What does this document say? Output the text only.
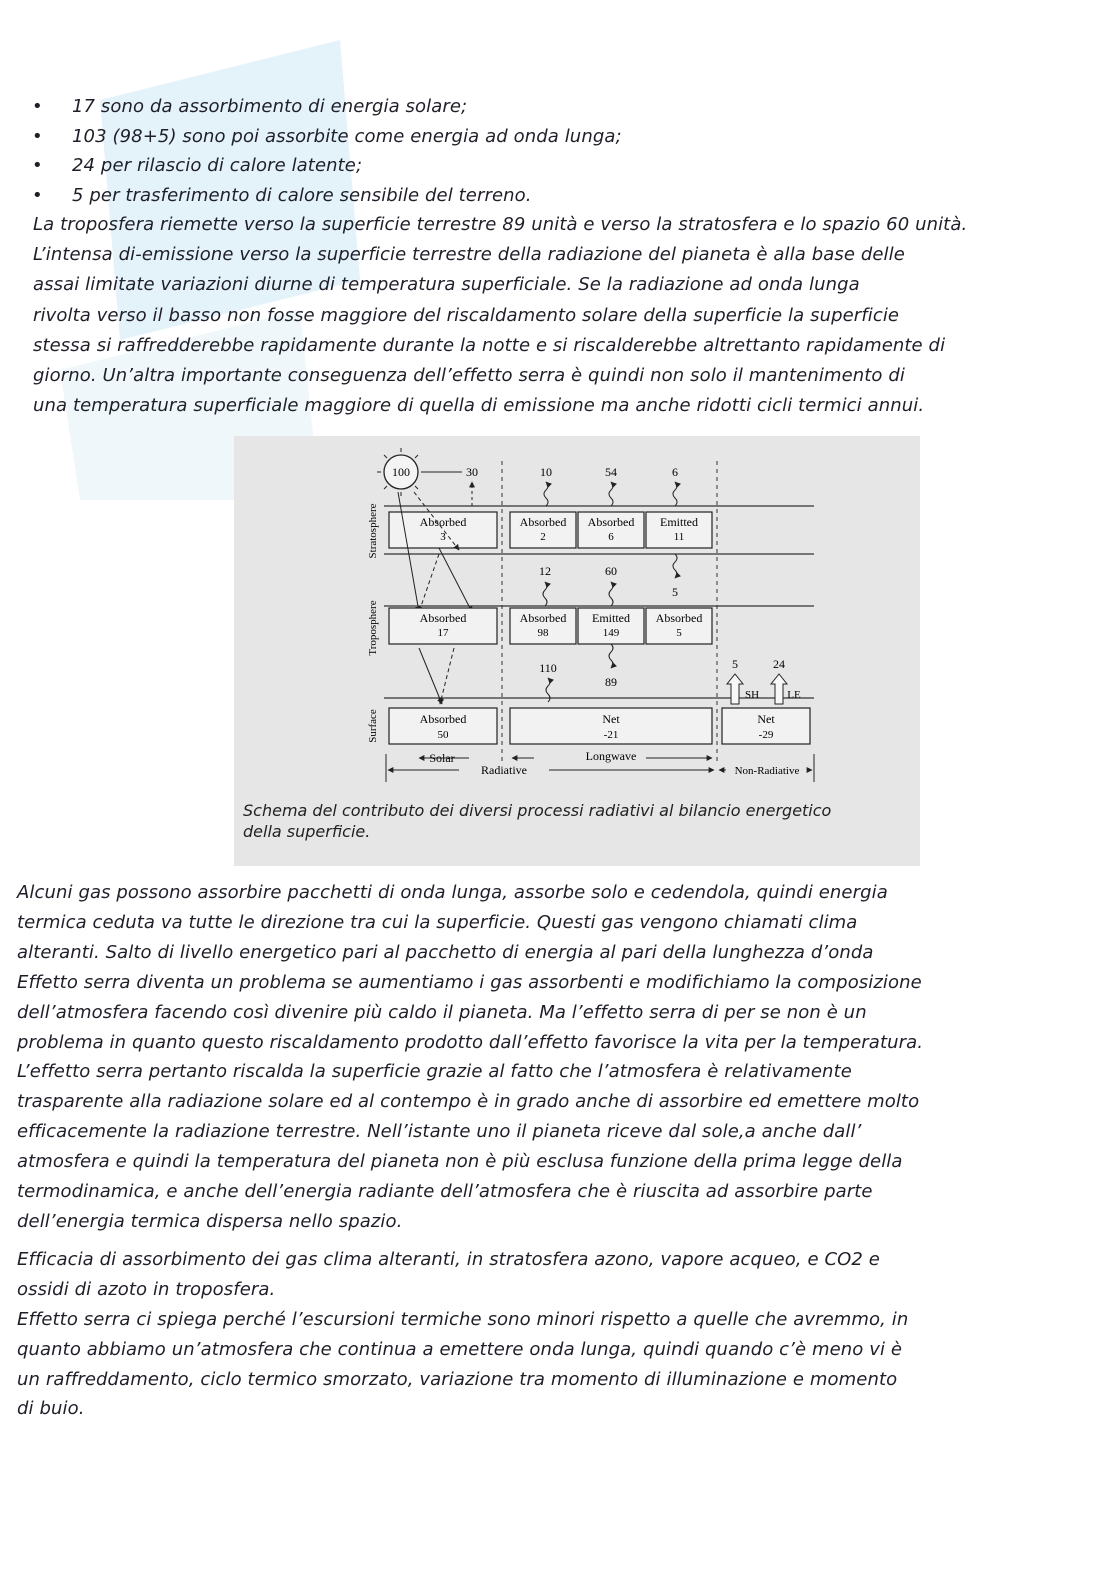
• 17 sono da assorbimento di energia solare;
• 103 (98+5) sono poi assorbite come energia ad onda lunga;
• 24 per rilascio di calore latente;
• 5 per trasferimento di calore sensibile del terreno.

La troposfera riemette verso la superficie terrestre 89 unità e verso la stratosfera e lo spazio 60 unità.
L’intensa di-emissione verso la superficie terrestre della radiazione del pianeta è alla base delle
assai limitate variazioni diurne di temperatura superficiale. Se la radiazione ad onda lunga
rivolta verso il basso non fosse maggiore del riscaldamento solare della superficie la superficie
stessa si raffredderebbe rapidamente durante la notte e si riscalderebbe altrettanto rapidamente di
giorno. Un’altra importante conseguenza dell’effetto serra è quindi non solo il mantenimento di
una temperatura superficiale maggiore di quella di emissione ma anche ridotti cicli termici annui.

100	30	10	54	6
Absorbed
3
Absorbed
2
Absorbed
6
Emitted
11
12	60
5
Absorbed
17
Absorbed
98
Emitted
149
Absorbed
5
110
89
5	24
SH	LE
Absorbed
50
Net
-21
Net
-29
Stratosphere
Troposphere
Surface
Solar	Longwave
Radiative	Non-Radiative
Schema del contributo dei diversi processi radiativi al bilancio energetico
della superficie.
Alcuni gas possono assorbire pacchetti di onda lunga, assorbe solo e cedendola, quindi energia
termica ceduta va tutte le direzione tra cui la superficie. Questi gas vengono chiamati clima
alteranti. Salto di livello energetico pari al pacchetto di energia al pari della lunghezza d’onda
Effetto serra diventa un problema se aumentiamo i gas assorbenti e modifichiamo la composizione
dell’atmosfera facendo così divenire più caldo il pianeta. Ma l’effetto serra di per se non è un
problema in quanto questo riscaldamento prodotto dall’effetto favorisce la vita per la temperatura.
L’effetto serra pertanto riscalda la superficie grazie al fatto che l’atmosfera è relativamente
trasparente alla radiazione solare ed al contempo è in grado anche di assorbire ed emettere molto
efficacemente la radiazione terrestre. Nell’istante uno il pianeta riceve dal sole,a anche dall’
atmosfera e quindi la temperatura del pianeta non è più esclusa funzione della prima legge della
termodinamica, e anche dell’energia radiante dell’atmosfera che è riuscita ad assorbire parte
dell’energia termica dispersa nello spazio.
Efficacia di assorbimento dei gas clima alteranti, in stratosfera azono, vapore acqueo, e CO2 e
ossidi di azoto in troposfera.
Effetto serra ci spiega perché l’escursioni termiche sono minori rispetto a quelle che avremmo, in
quanto abbiamo un’atmosfera che continua a emettere onda lunga, quindi quando c’è meno vi è
un raffreddamento, ciclo termico smorzato, variazione tra momento di illuminazione e momento
di buio.
